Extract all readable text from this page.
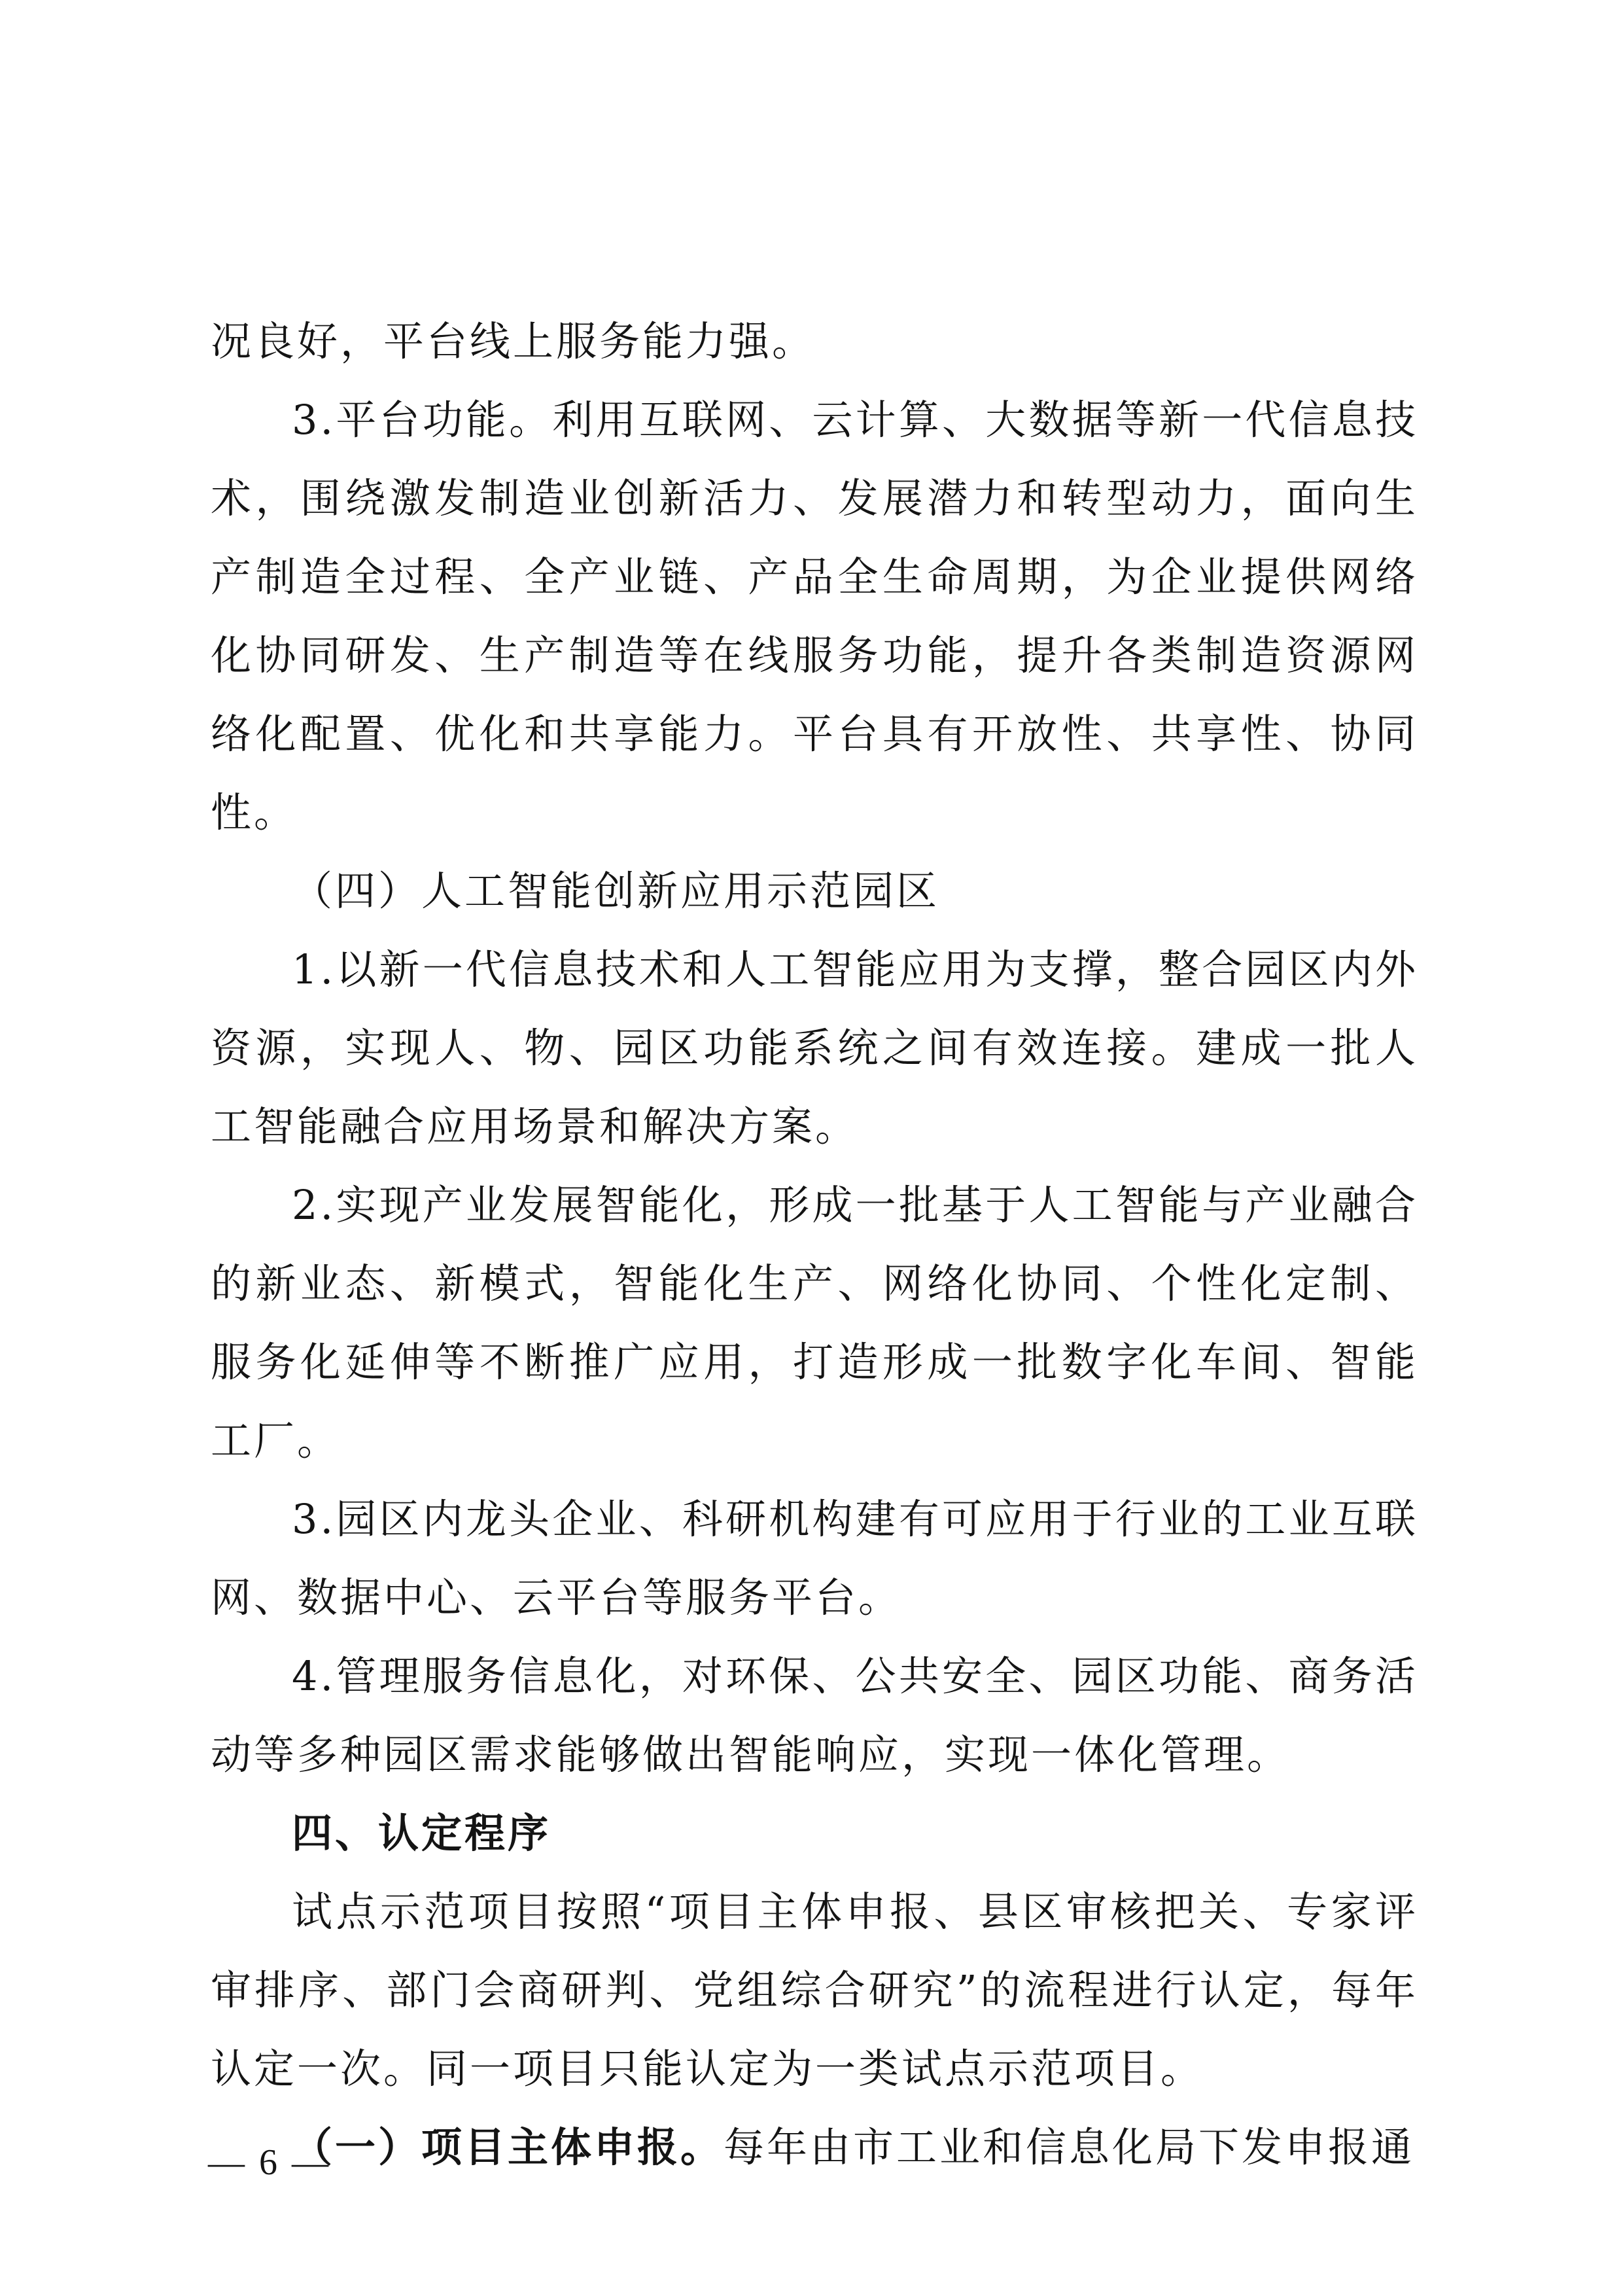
况良好，平台线上服务能力强。

3.平台功能。利用互联网、云计算、大数据等新一代信息技术，围绕激发制造业创新活力、发展潜力和转型动力，面向生产制造全过程、全产业链、产品全生命周期，为企业提供网络化协同研发、生产制造等在线服务功能，提升各类制造资源网络化配置、优化和共享能力。平台具有开放性、共享性、协同性。

（四）人工智能创新应用示范园区

1.以新一代信息技术和人工智能应用为支撑，整合园区内外资源，实现人、物、园区功能系统之间有效连接。建成一批人工智能融合应用场景和解决方案。

2.实现产业发展智能化，形成一批基于人工智能与产业融合的新业态、新模式，智能化生产、网络化协同、个性化定制、服务化延伸等不断推广应用，打造形成一批数字化车间、智能工厂。

3.园区内龙头企业、科研机构建有可应用于行业的工业互联网、数据中心、云平台等服务平台。

4.管理服务信息化，对环保、公共安全、园区功能、商务活动等多种园区需求能够做出智能响应，实现一体化管理。

四、认定程序

试点示范项目按照“项目主体申报、县区审核把关、专家评审排序、部门会商研判、党组综合研究”的流程进行认定，每年认定一次。同一项目只能认定为一类试点示范项目。

（一）项目主体申报。每年由市工业和信息化局下发申报通

— 6 —
